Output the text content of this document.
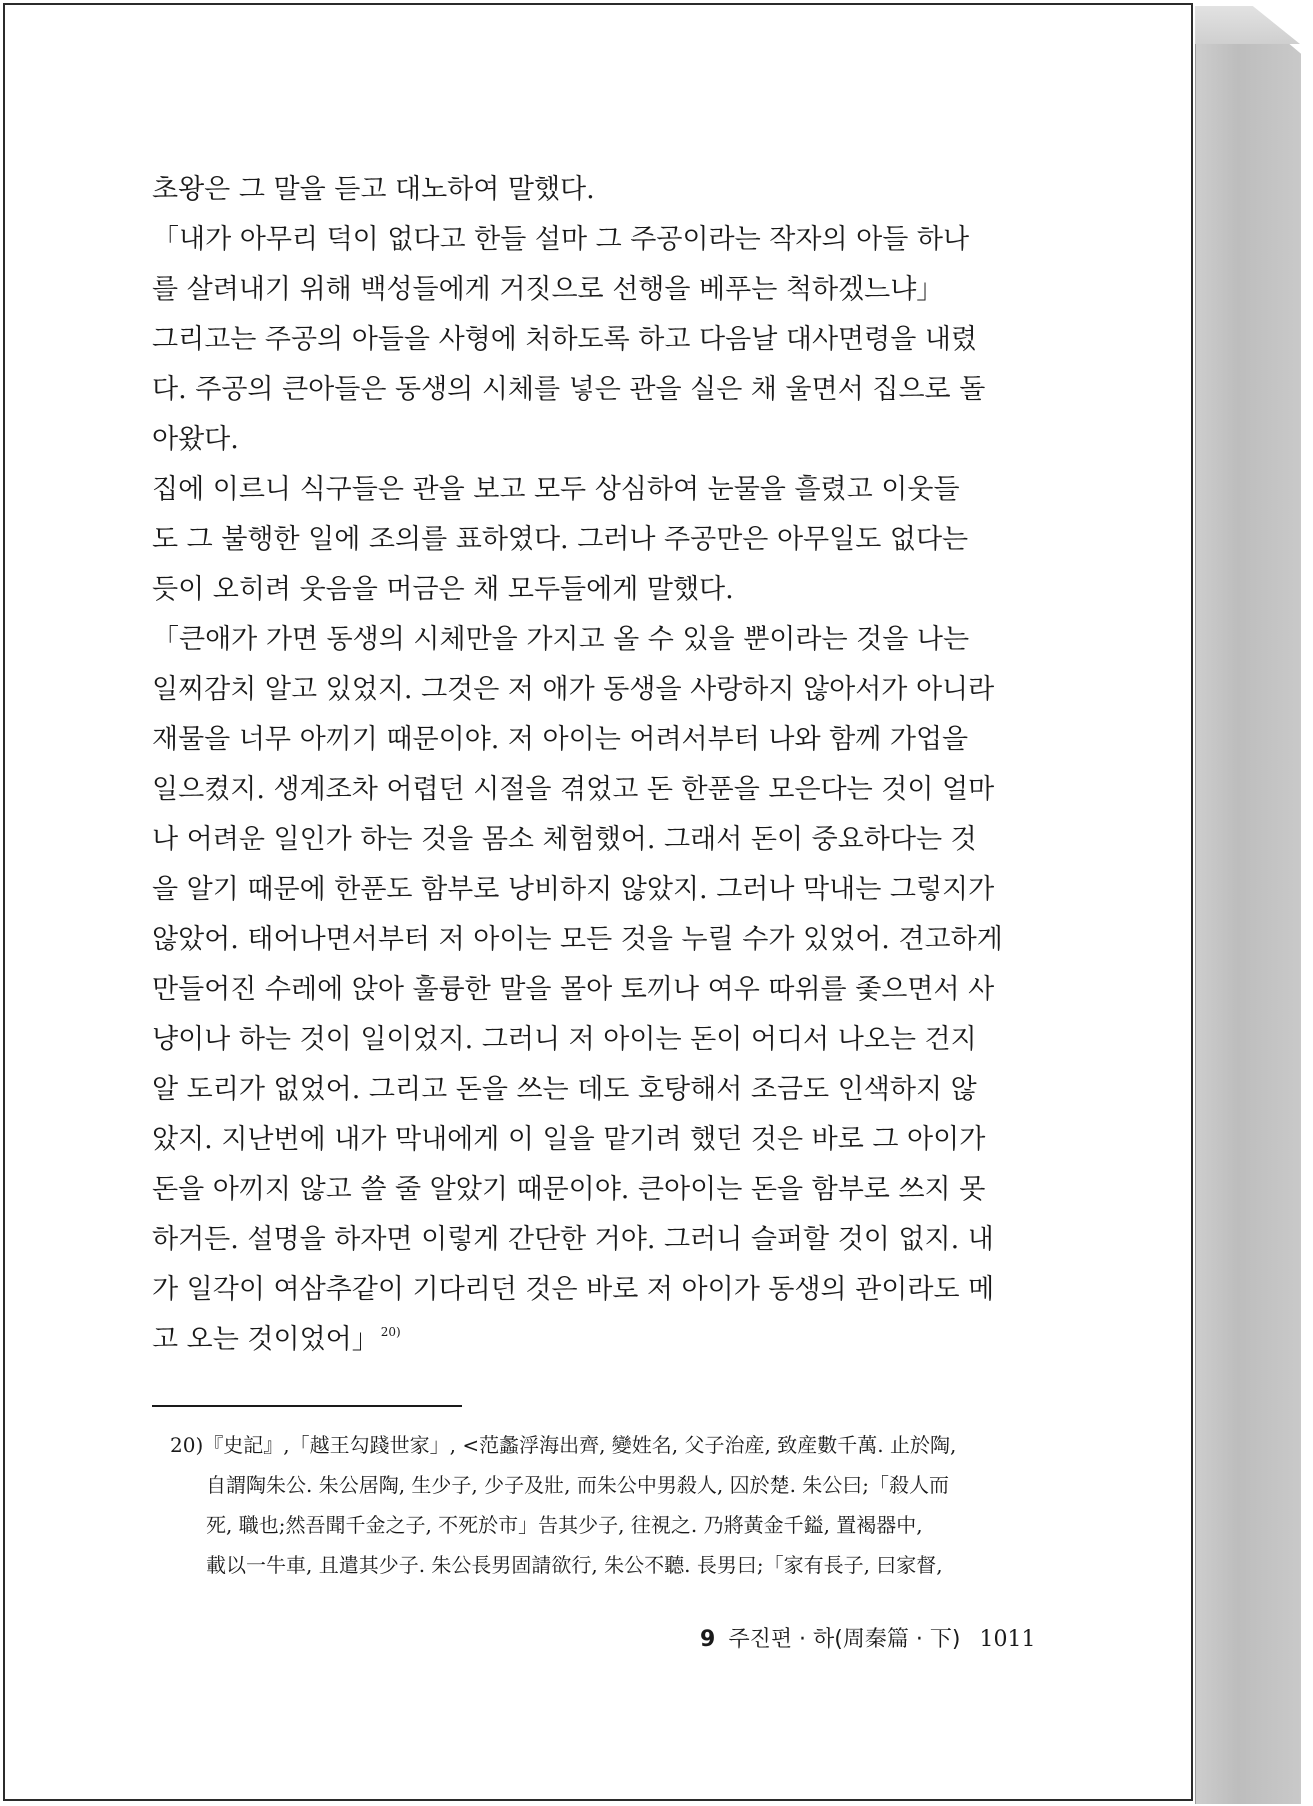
초왕은 그 말을 듣고 대노하여 말했다.
「내가 아무리 덕이 없다고 한들 설마 그 주공이라는 작자의 아들 하나
를 살려내기 위해 백성들에게 거짓으로 선행을 베푸는 척하겠느냐」
그리고는 주공의 아들을 사형에 처하도록 하고 다음날 대사면령을 내렸
다. 주공의 큰아들은 동생의 시체를 넣은 관을 실은 채 울면서 집으로 돌
아왔다.
집에 이르니 식구들은 관을 보고 모두 상심하여 눈물을 흘렸고 이웃들
도 그 불행한 일에 조의를 표하였다. 그러나 주공만은 아무일도 없다는
듯이 오히려 웃음을 머금은 채 모두들에게 말했다.
「큰애가 가면 동생의 시체만을 가지고 올 수 있을 뿐이라는 것을 나는
일찌감치 알고 있었지. 그것은 저 애가 동생을 사랑하지 않아서가 아니라
재물을 너무 아끼기 때문이야. 저 아이는 어려서부터 나와 함께 가업을
일으켰지. 생계조차 어렵던 시절을 겪었고 돈 한푼을 모은다는 것이 얼마
나 어려운 일인가 하는 것을 몸소 체험했어. 그래서 돈이 중요하다는 것
을 알기 때문에 한푼도 함부로 낭비하지 않았지. 그러나 막내는 그렇지가
않았어. 태어나면서부터 저 아이는 모든 것을 누릴 수가 있었어. 견고하게
만들어진 수레에 앉아 훌륭한 말을 몰아 토끼나 여우 따위를 좇으면서 사
냥이나 하는 것이 일이었지. 그러니 저 아이는 돈이 어디서 나오는 건지
알 도리가 없었어. 그리고 돈을 쓰는 데도 호탕해서 조금도 인색하지 않
았지. 지난번에 내가 막내에게 이 일을 맡기려 했던 것은 바로 그 아이가
돈을 아끼지 않고 쓸 줄 알았기 때문이야. 큰아이는 돈을 함부로 쓰지 못
하거든. 설명을 하자면 이렇게 간단한 거야. 그러니 슬퍼할 것이 없지. 내
가 일각이 여삼추같이 기다리던 것은 바로 저 아이가 동생의 관이라도 메
고 오는 것이었어」 $^{20)}$
20)『史記』,「越王勾踐世家」, <范蠡浮海出齊, 變姓名, 父子治産, 致産數千萬. 止於陶,
自謂陶朱公. 朱公居陶, 生少子, 少子及壯, 而朱公中男殺人, 囚於楚. 朱公曰;「殺人而
死, 職也;然吾聞千金之子, 不死於市」告其少子, 往視之. 乃將黃金千鎰, 置褐器中,
載以一牛車, 且遣其少子. 朱公長男固請欲行, 朱公不聽. 長男曰;「家有長子, 曰家督,
9 주진편 · 하(周秦篇 · 下) 1011
